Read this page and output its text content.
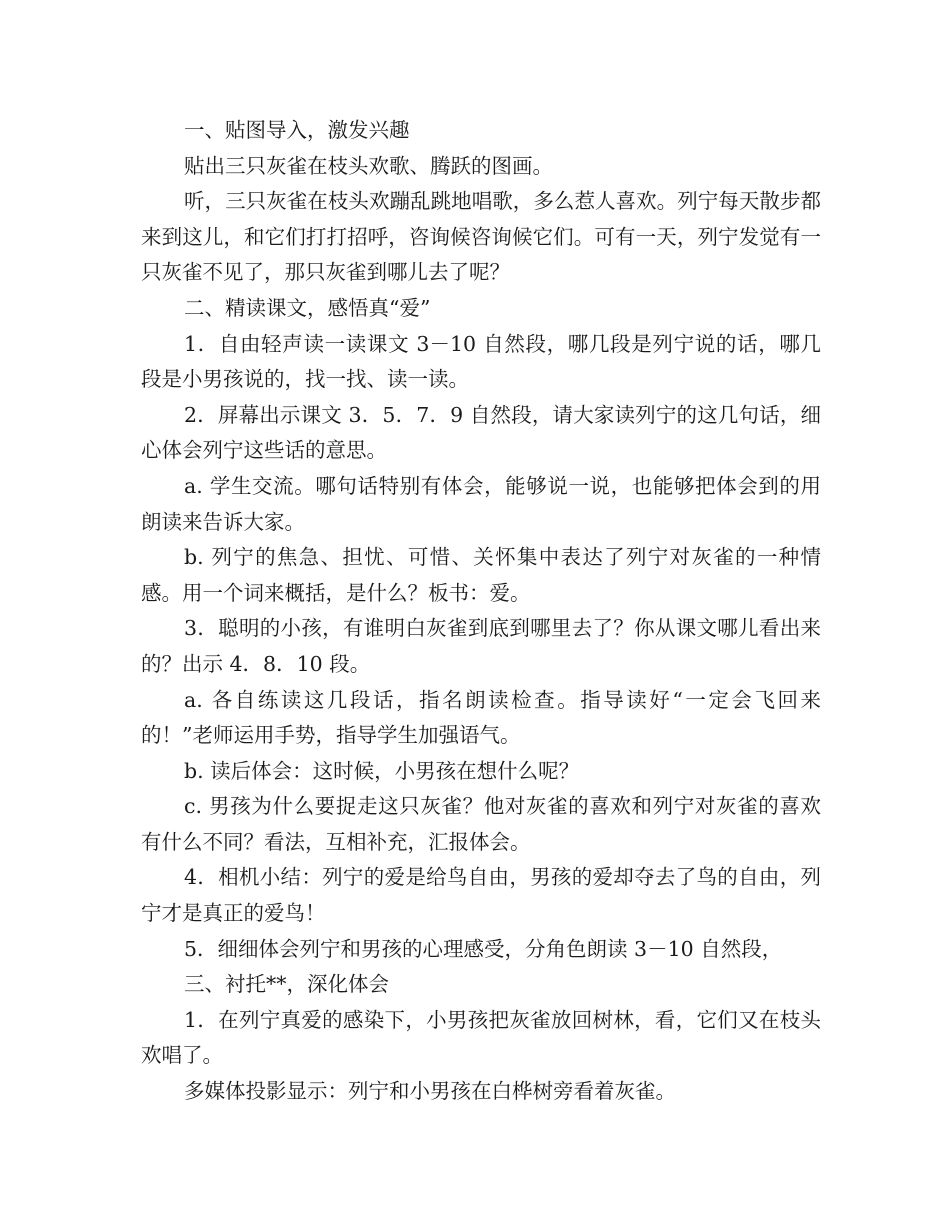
一、贴图导入，激发兴趣

贴出三只灰雀在枝头欢歌、腾跃的图画。

听，三只灰雀在枝头欢蹦乱跳地唱歌，多么惹人喜欢。列宁每天散步都来到这儿，和它们打打招呼，咨询候咨询候它们。可有一天，列宁发觉有一只灰雀不见了，那只灰雀到哪儿去了呢？

二、精读课文，感悟真“爱”

1．自由轻声读一读课文 3－10 自然段，哪几段是列宁说的话，哪几段是小男孩说的，找一找、读一读。

2．屏幕出示课文 3．5．7．9 自然段，请大家读列宁的这几句话，细心体会列宁这些话的意思。

a. 学生交流。哪句话特别有体会，能够说一说，也能够把体会到的用朗读来告诉大家。

b. 列宁的焦急、担忧、可惜、关怀集中表达了列宁对灰雀的一种情感。用一个词来概括，是什么？板书：爱。

3．聪明的小孩，有谁明白灰雀到底到哪里去了？你从课文哪儿看出来的？出示 4．8．10 段。

a. 各自练读这几段话，指名朗读检查。指导读好“一定会飞回来的！”老师运用手势，指导学生加强语气。

b. 读后体会：这时候，小男孩在想什么呢？

c. 男孩为什么要捉走这只灰雀？他对灰雀的喜欢和列宁对灰雀的喜欢有什么不同？看法，互相补充，汇报体会。

4．相机小结：列宁的爱是给鸟自由，男孩的爱却夺去了鸟的自由，列宁才是真正的爱鸟！

5．细细体会列宁和男孩的心理感受，分角色朗读 3－10 自然段，

三、衬托**，深化体会

1．在列宁真爱的感染下，小男孩把灰雀放回树林，看，它们又在枝头欢唱了。

多媒体投影显示：列宁和小男孩在白桦树旁看着灰雀。
